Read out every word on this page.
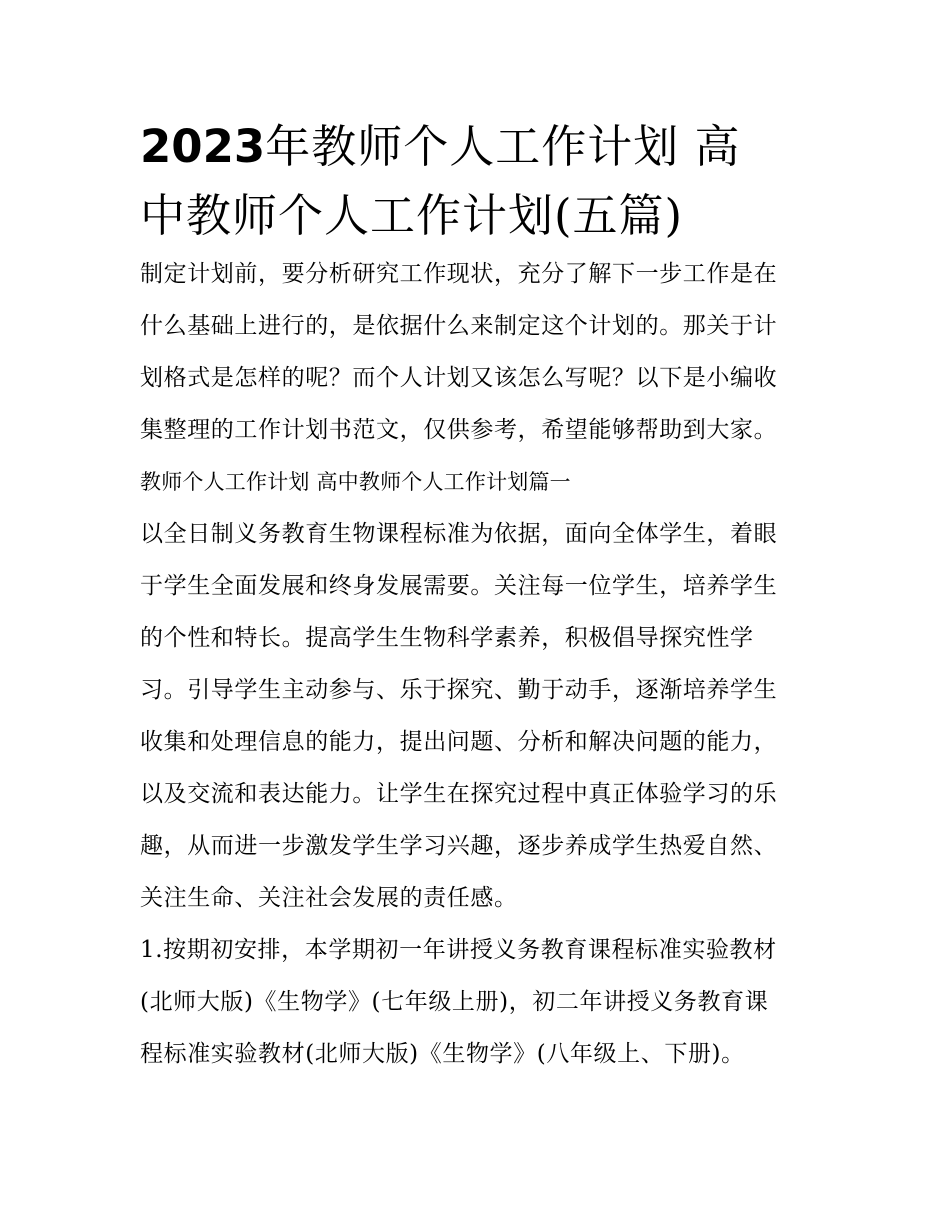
2023年教师个人工作计划 高
中教师个人工作计划(五篇)
制定计划前，要分析研究工作现状，充分了解下一步工作是在
什么基础上进行的，是依据什么来制定这个计划的。那关于计
划格式是怎样的呢？而个人计划又该怎么写呢？以下是小编收
集整理的工作计划书范文，仅供参考，希望能够帮助到大家。
教师个人工作计划 高中教师个人工作计划篇一
以全日制义务教育生物课程标准为依据，面向全体学生，着眼
于学生全面发展和终身发展需要。关注每一位学生，培养学生
的个性和特长。提高学生生物科学素养，积极倡导探究性学
习。引导学生主动参与、乐于探究、勤于动手，逐渐培养学生
收集和处理信息的能力，提出问题、分析和解决问题的能力，
以及交流和表达能力。让学生在探究过程中真正体验学习的乐
趣，从而进一步激发学生学习兴趣，逐步养成学生热爱自然、
关注生命、关注社会发展的责任感。
1.按期初安排，本学期初一年讲授义务教育课程标准实验教材
(北师大版)《生物学》(七年级上册)，初二年讲授义务教育课
程标准实验教材(北师大版)《生物学》(八年级上、下册)。
